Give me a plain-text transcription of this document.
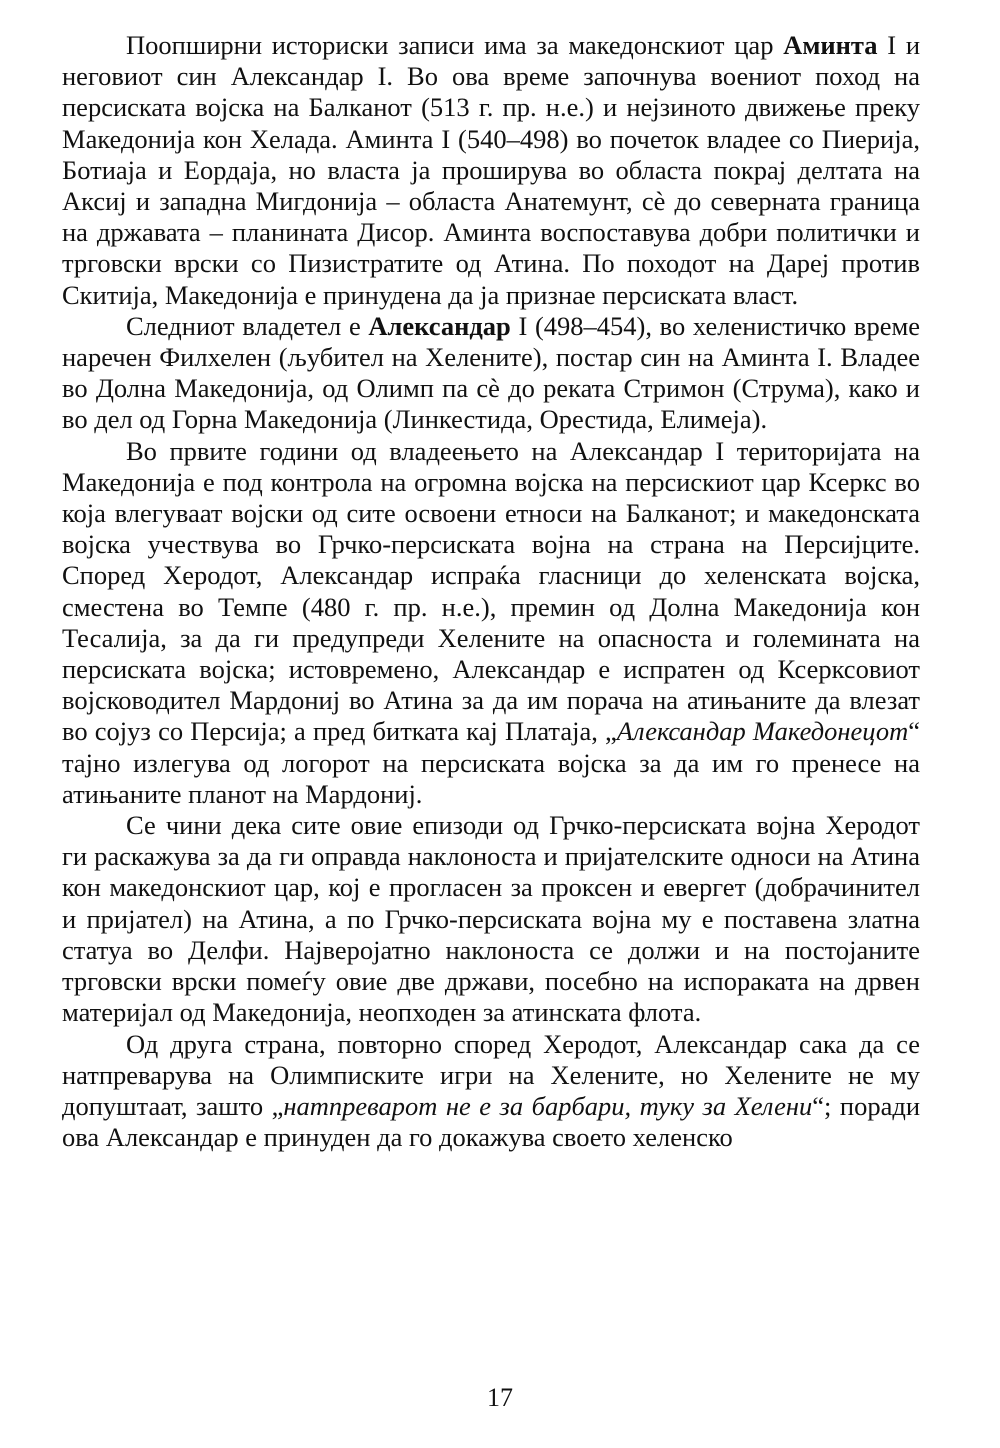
Поопширни историски записи има за македонскиот цар Аминта I и неговиот син Александар I. Во ова време започнува воениот поход на персиската војска на Балканот (513 г. пр. н.е.) и нејзиното движење преку Македонија кон Хелада. Аминта I (540–498) во почеток владее со Пиерија, Ботиаја и Еордаја, но власта ја проширува во областа покрај делтата на Аксиј и западна Мигдонија – областа Анатемунт, сѐ до северната граница на државата – планината Дисор. Аминта воспоставува добри политички и трговски врски со Пизистратите од Атина. По походот на Дареј против Скитија, Македонија е принудена да ја признае персиската власт.

Следниот владетел е Александар I (498–454), во хеленистичко време наречен Филхелен (љубител на Хелените), постар син на Аминта I. Владее во Долна Македонија, од Олимп па сѐ до реката Стримон (Струма), како и во дел од Горна Македонија (Линкестида, Орестида, Елимеја).

Во првите години од владеењето на Александар I територијата на Македонија е под контрола на огромна војска на персискиот цар Ксеркс во која влегуваат војски од сите освоени етноси на Балканот; и македонската војска учествува во Грчко-персиската војна на страна на Персијците. Според Херодот, Александар испраќа гласници до хеленската војска, сместена во Темпе (480 г. пр. н.е.), премин од Долна Македонија кон Тесалија, за да ги предупреди Хелените на опасноста и големината на персиската војска; истовремено, Александар е испратен од Ксерксовиот војсководител Мардониј во Атина за да им порача на атињаните да влезат во сојуз со Персија; а пред битката кај Платаја, „Александар Македонецот“ тајно излегува од логорот на персиската војска за да им го пренесе на атињаните планот на Мардониј.

Се чини дека сите овие епизоди од Грчко-персиската војна Херодот ги раскажува за да ги оправда наклоноста и пријателските односи на Атина кон македонскиот цар, кој е прогласен за проксен и евергет (добрачинител и пријател) на Атина, а по Грчко-персиската војна му е поставена златна статуа во Делфи. Најверојатно наклоноста се должи и на постојаните трговски врски помеѓу овие две држави, посебно на испораката на дрвен материјал од Македонија, неопходен за атинската флота.

Од друга страна, повторно според Херодот, Александар сака да се натпреварува на Олимписките игри на Хелените, но Хелените не му допуштаат, зашто „натпреварот не е за барбари, туку за Хелени“; поради ова Александар е принуден да го докажува своето хеленско

17
